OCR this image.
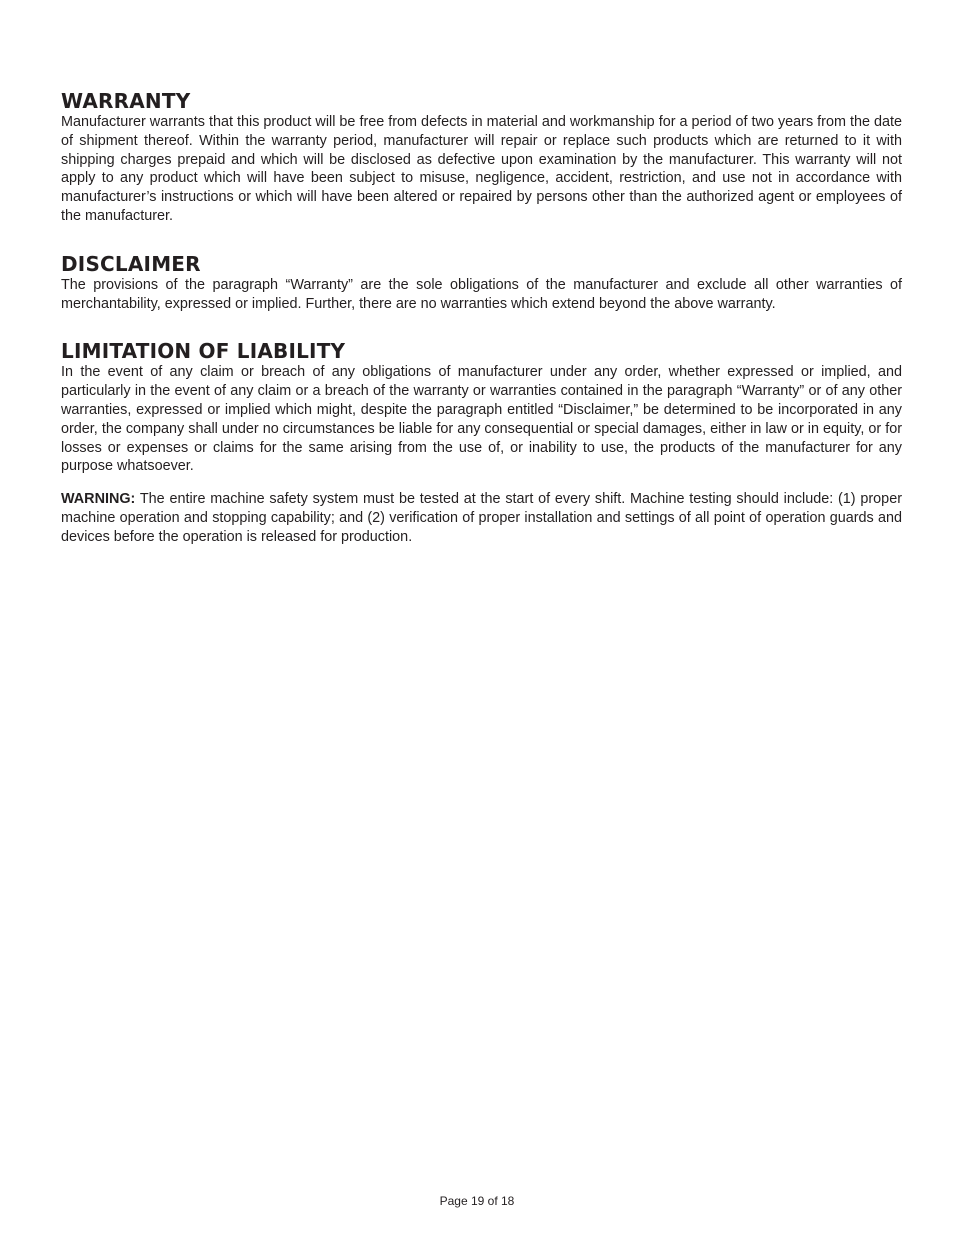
WARRANTY

Manufacturer warrants that this product will be free from defects in material and workmanship for a period of two years from the date of shipment thereof. Within the warranty period, manufacturer will repair or replace such products which are returned to it with shipping charges prepaid and which will be disclosed as defective upon examination by the manufacturer. This warranty will not apply to any product which will have been subject to misuse, negligence, accident, restriction, and use not in accordance with manufacturer’s instructions or which will have been altered or repaired by persons other than the authorized agent or employees of the manufacturer.

DISCLAIMER

The provisions of the paragraph “Warranty” are the sole obligations of the manufacturer and exclude all other warranties of merchantability, expressed or implied. Further, there are no warranties which extend beyond the above warranty.

LIMITATION OF LIABILITY

In the event of any claim or breach of any obligations of manufacturer under any order, whether expressed or implied, and particularly in the event of any claim or a breach of the warranty or warranties contained in the paragraph “Warranty” or of any other warranties, expressed or implied which might, despite the paragraph entitled “Disclaimer,” be determined to be incorporated in any order, the company shall under no circumstances be liable for any consequential or special damages, either in law or in equity, or for losses or expenses or claims for the same arising from the use of, or inability to use, the products of the manufacturer for any purpose whatsoever.

WARNING: The entire machine safety system must be tested at the start of every shift. Machine testing should include: (1) proper machine operation and stopping capability; and (2) verification of proper installation and settings of all point of operation guards and devices before the operation is released for production.

Page 19 of 18
